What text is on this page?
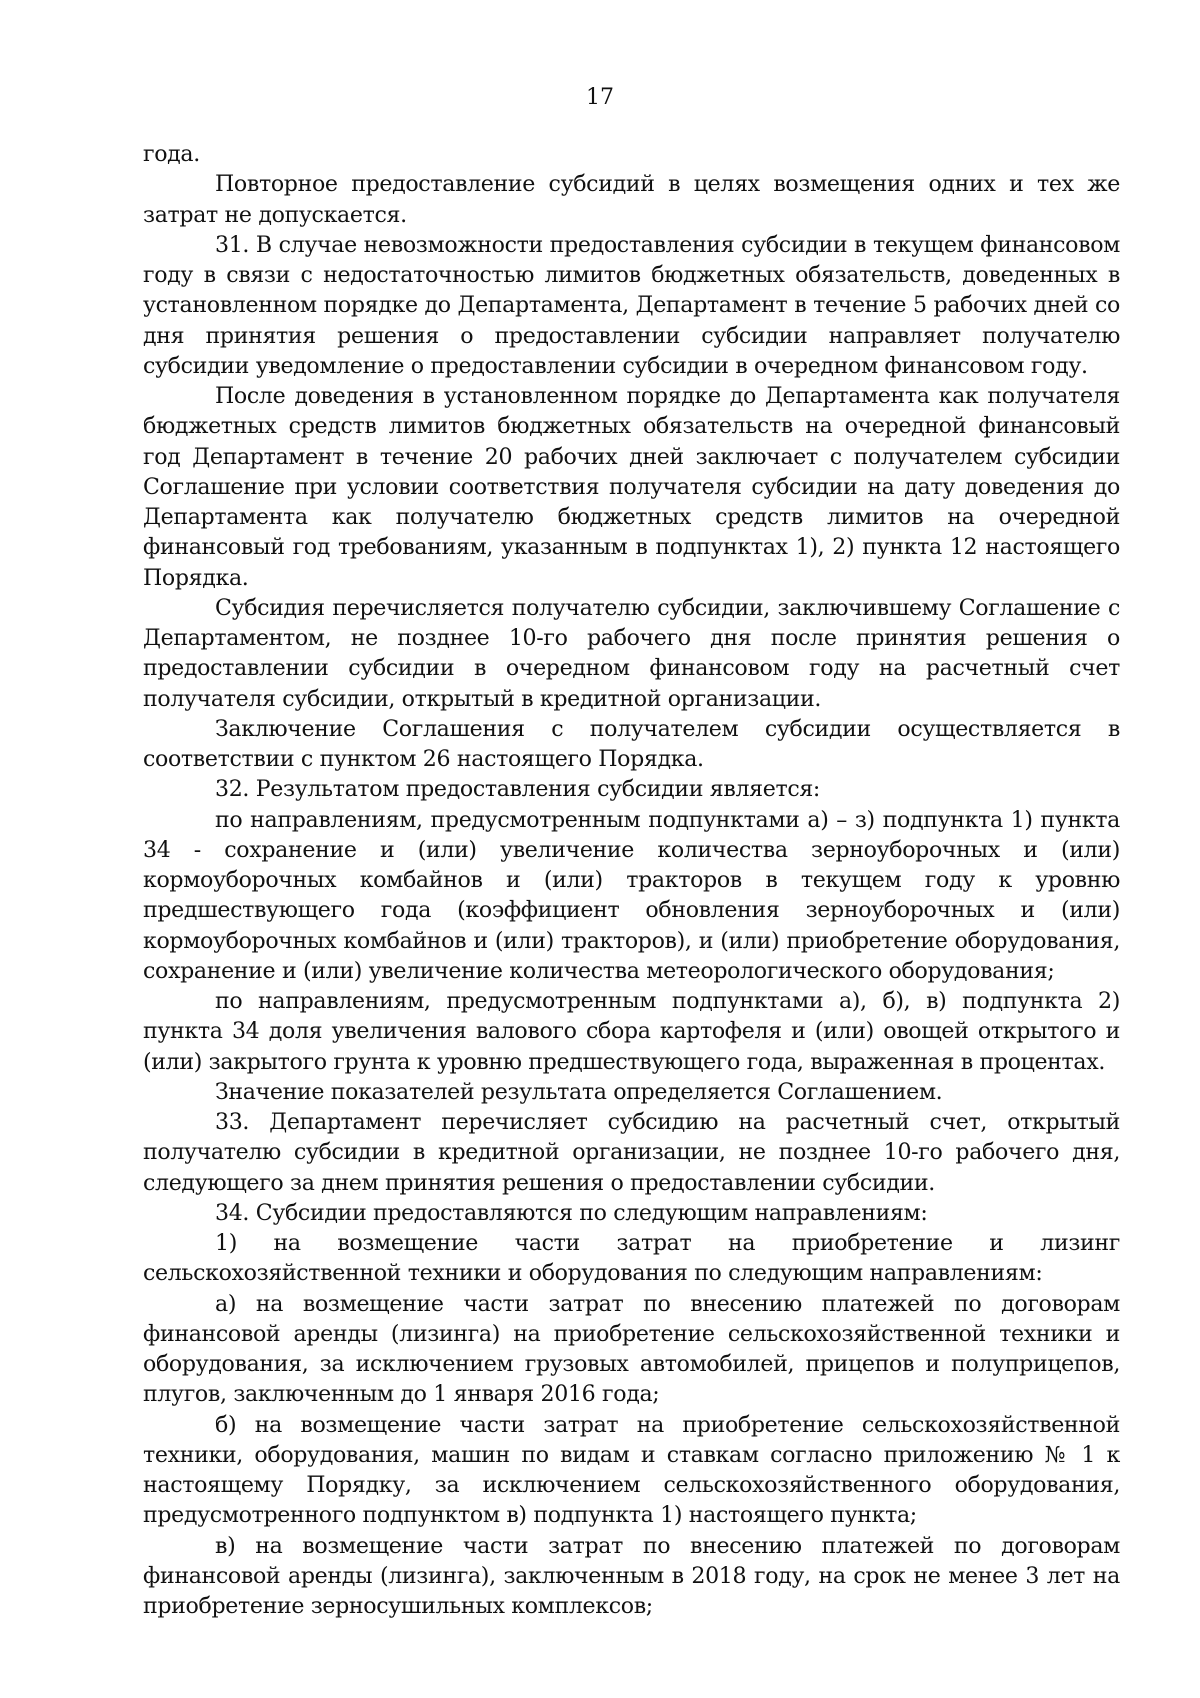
17

года.

Повторное предоставление субсидий в целях возмещения одних и тех же затрат не допускается.

31. В случае невозможности предоставления субсидии в текущем финансовом году в связи с недостаточностью лимитов бюджетных обязательств, доведенных в установленном порядке до Департамента, Департамент в течение 5 рабочих дней со дня принятия решения о предоставлении субсидии направляет получателю субсидии уведомление о предоставлении субсидии в очередном финансовом году.

После доведения в установленном порядке до Департамента как получателя бюджетных средств лимитов бюджетных обязательств на очередной финансовый год Департамент в течение 20 рабочих дней заключает с получателем субсидии Соглашение при условии соответствия получателя субсидии на дату доведения до Департамента как получателю бюджетных средств лимитов на очередной финансовый год требованиям, указанным в подпунктах 1), 2) пункта 12 настоящего Порядка.

Субсидия перечисляется получателю субсидии, заключившему Соглашение с Департаментом, не позднее 10-го рабочего дня после принятия решения о предоставлении субсидии в очередном финансовом году на расчетный счет получателя субсидии, открытый в кредитной организации.

Заключение Соглашения с получателем субсидии осуществляется в соответствии с пунктом 26 настоящего Порядка.

32. Результатом предоставления субсидии является:

по направлениям, предусмотренным подпунктами а) – з) подпункта 1) пункта 34 - сохранение и (или) увеличение количества зерноуборочных и (или) кормоуборочных комбайнов и (или) тракторов в текущем году к уровню предшествующего года (коэффициент обновления зерноуборочных и (или) кормоуборочных комбайнов и (или) тракторов), и (или) приобретение оборудования, сохранение и (или) увеличение количества метеорологического оборудования;

по направлениям, предусмотренным подпунктами а), б), в) подпункта 2) пункта 34 доля увеличения валового сбора картофеля и (или) овощей открытого и (или) закрытого грунта к уровню предшествующего года, выраженная в процентах.

Значение показателей результата определяется Соглашением.

33. Департамент перечисляет субсидию на расчетный счет, открытый получателю субсидии в кредитной организации, не позднее 10-го рабочего дня, следующего за днем принятия решения о предоставлении субсидии.

34. Субсидии предоставляются по следующим направлениям:

1) на возмещение части затрат на приобретение и лизинг сельскохозяйственной техники и оборудования по следующим направлениям:

а) на возмещение части затрат по внесению платежей по договорам финансовой аренды (лизинга) на приобретение сельскохозяйственной техники и оборудования, за исключением грузовых автомобилей, прицепов и полуприцепов, плугов, заключенным до 1 января 2016 года;

б) на возмещение части затрат на приобретение сельскохозяйственной техники, оборудования, машин по видам и ставкам согласно приложению № 1 к настоящему Порядку, за исключением сельскохозяйственного оборудования, предусмотренного подпунктом в) подпункта 1) настоящего пункта;

в) на возмещение части затрат по внесению платежей по договорам финансовой аренды (лизинга), заключенным в 2018 году, на срок не менее 3 лет на приобретение зерносушильных комплексов;
